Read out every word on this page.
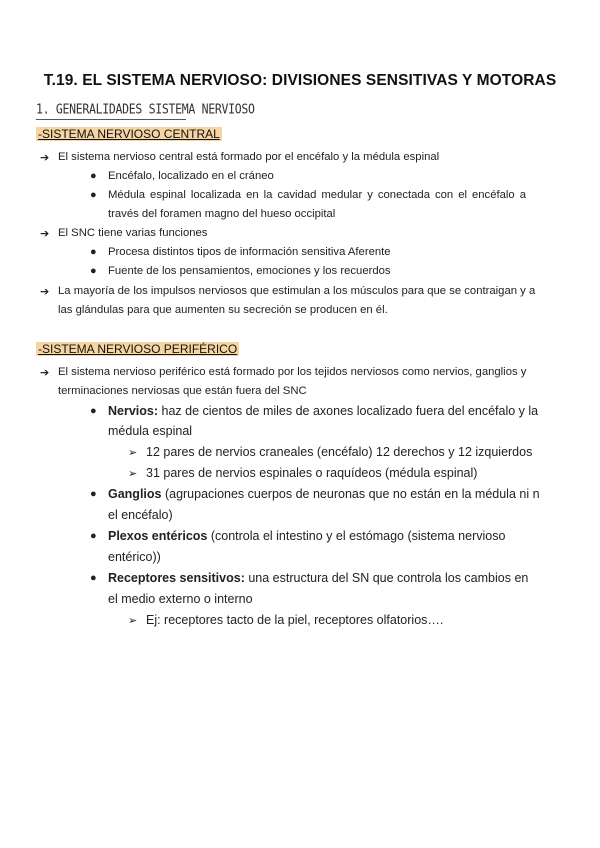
T.19. EL SISTEMA NERVIOSO: DIVISIONES SENSITIVAS Y MOTORAS
1. GENERALIDADES SISTEMA NERVIOSO
-SISTEMA NERVIOSO CENTRAL
➔ El sistema nervioso central está formado por el encéfalo y la médula espinal
● Encéfalo, localizado en el cráneo
● Médula espinal localizada en la cavidad medular y conectada con el encéfalo a
través del foramen magno del hueso occipital
➔ El SNC tiene varias funciones
● Procesa distintos tipos de información sensitiva Aferente
● Fuente de los pensamientos, emociones y los recuerdos
➔ La mayoría de los impulsos nerviosos que estimulan a los músculos para que se contraigan y a
las glándulas para que aumenten su secreción se producen en él.
-SISTEMA NERVIOSO PERIFÉRICO
➔ El sistema nervioso periférico está formado por los tejidos nerviosos como nervios, ganglios y
terminaciones nerviosas que están fuera del SNC
● Nervios: haz de cientos de miles de axones localizado fuera del encéfalo y la
médula espinal
➢ 12 pares de nervios craneales (encéfalo) 12 derechos y 12 izquierdos
➢ 31 pares de nervios espinales o raquídeos (médula espinal)
● Ganglios (agrupaciones cuerpos de neuronas que no están en la médula ni n
el encéfalo)
● Plexos entéricos (controla el intestino y el estómago (sistema nervioso
entérico))
● Receptores sensitivos: una estructura del SN que controla los cambios en
el medio externo o interno
➢ Ej: receptores tacto de la piel, receptores olfatorios….
